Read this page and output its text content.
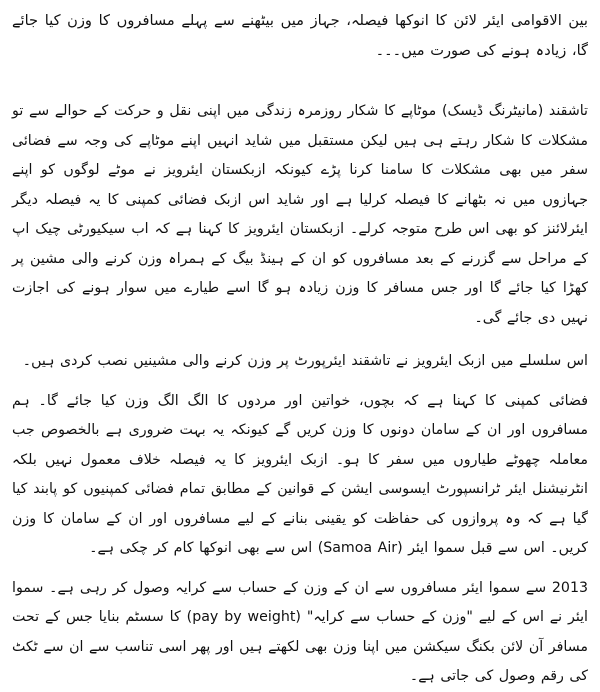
بین الاقوامی ایئر لائن کا انوکھا فیصلہ، جہاز میں بیٹھنے سے پہلے مسافروں کا وزن کیا جائے گا، زیادہ ہونے کی صورت میں۔۔۔

تاشقند (مانیٹرنگ ڈیسک) موٹاپے کا شکار روزمرہ زندگی میں اپنی نقل و حرکت کے حوالے سے تو مشکلات کا شکار رہتے ہی ہیں لیکن مستقبل میں شاید انہیں اپنے موٹاپے کی وجہ سے فضائی سفر میں بھی مشکلات کا سامنا کرنا پڑے کیونکہ ازبکستان ایئرویز نے موٹے لوگوں کو اپنے جہازوں میں نہ بٹھانے کا فیصلہ کرلیا ہے اور شاید اس ازبک فضائی کمپنی کا یہ فیصلہ دیگر ایئرلائنز کو بھی اس طرح متوجہ کرلے۔ ازبکستان ایئرویز کا کہنا ہے کہ اب سیکیورٹی چیک اپ کے مراحل سے گزرنے کے بعد مسافروں کو ان کے ہینڈ بیگ کے ہمراہ وزن کرنے والی مشین پر کھڑا کیا جائے گا اور جس مسافر کا وزن زیادہ ہو گا اسے طیارے میں سوار ہونے کی اجازت نہیں دی جائے گی۔

اس سلسلے میں ازبک ایئرویز نے تاشقند ایئرپورٹ پر وزن کرنے والی مشینیں نصب کردی ہیں۔

فضائی کمپنی کا کہنا ہے کہ بچوں، خواتین اور مردوں کا الگ الگ وزن کیا جائے گا۔ ہم مسافروں اور ان کے سامان دونوں کا وزن کریں گے کیونکہ یہ بہت ضروری ہے بالخصوص جب معاملہ چھوٹے طیاروں میں سفر کا ہو۔ ازبک ایئرویز کا یہ فیصلہ خلاف معمول نہیں بلکہ انٹرنیشنل ایئر ٹرانسپورٹ ایسوسی ایشن کے قوانین کے مطابق تمام فضائی کمپنیوں کو پابند کیا گیا ہے کہ وہ پروازوں کی حفاظت کو یقینی بنانے کے لیے مسافروں اور ان کے سامان کا وزن کریں۔ اس سے قبل سموا ایئر (Samoa Air) اس سے بھی انوکھا کام کر چکی ہے۔

2013 سے سموا ایئر مسافروں سے ان کے وزن کے حساب سے کرایہ وصول کر رہی ہے۔ سموا ایئر نے اس کے لیے "وزن کے حساب سے کرایہ" (pay by weight) کا سسٹم بنایا جس کے تحت مسافر آن لائن بکنگ سیکشن میں اپنا وزن بھی لکھتے ہیں اور پھر اسی تناسب سے ان سے ٹکٹ کی رقم وصول کی جاتی ہے۔
